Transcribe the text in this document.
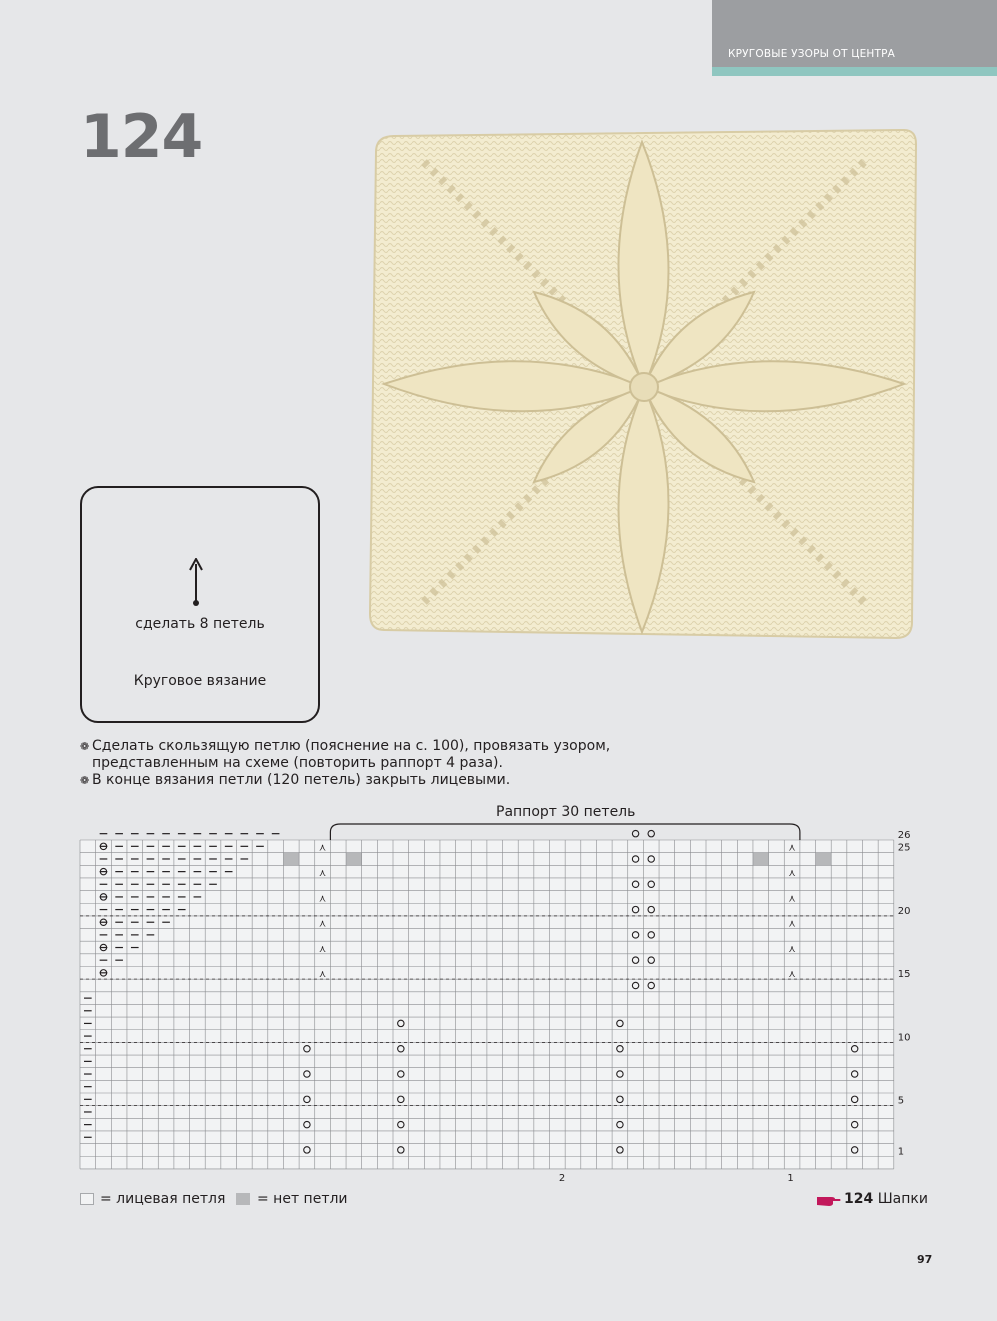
КРУГОВЫЕ УЗОРЫ ОТ ЦЕНТРА
124
сделать 8 петель
Круговое вязание
❁ Сделать скользящую петлю (пояснение на с. 100), провязать узором,
представленным на схеме (повторить раппорт 4 раза).
❁ В конце вязания петли (120 петель) закрыть лицевыми.
Раппорт 30 петель
⋏
⋏
⋏
⋏
⋏
⋏
⋏
⋏
⋏
⋏
⋏
⋏
26
25
20
15
10
5
1
2	1
= лицевая петля = нет петли	124 Шапки
97
